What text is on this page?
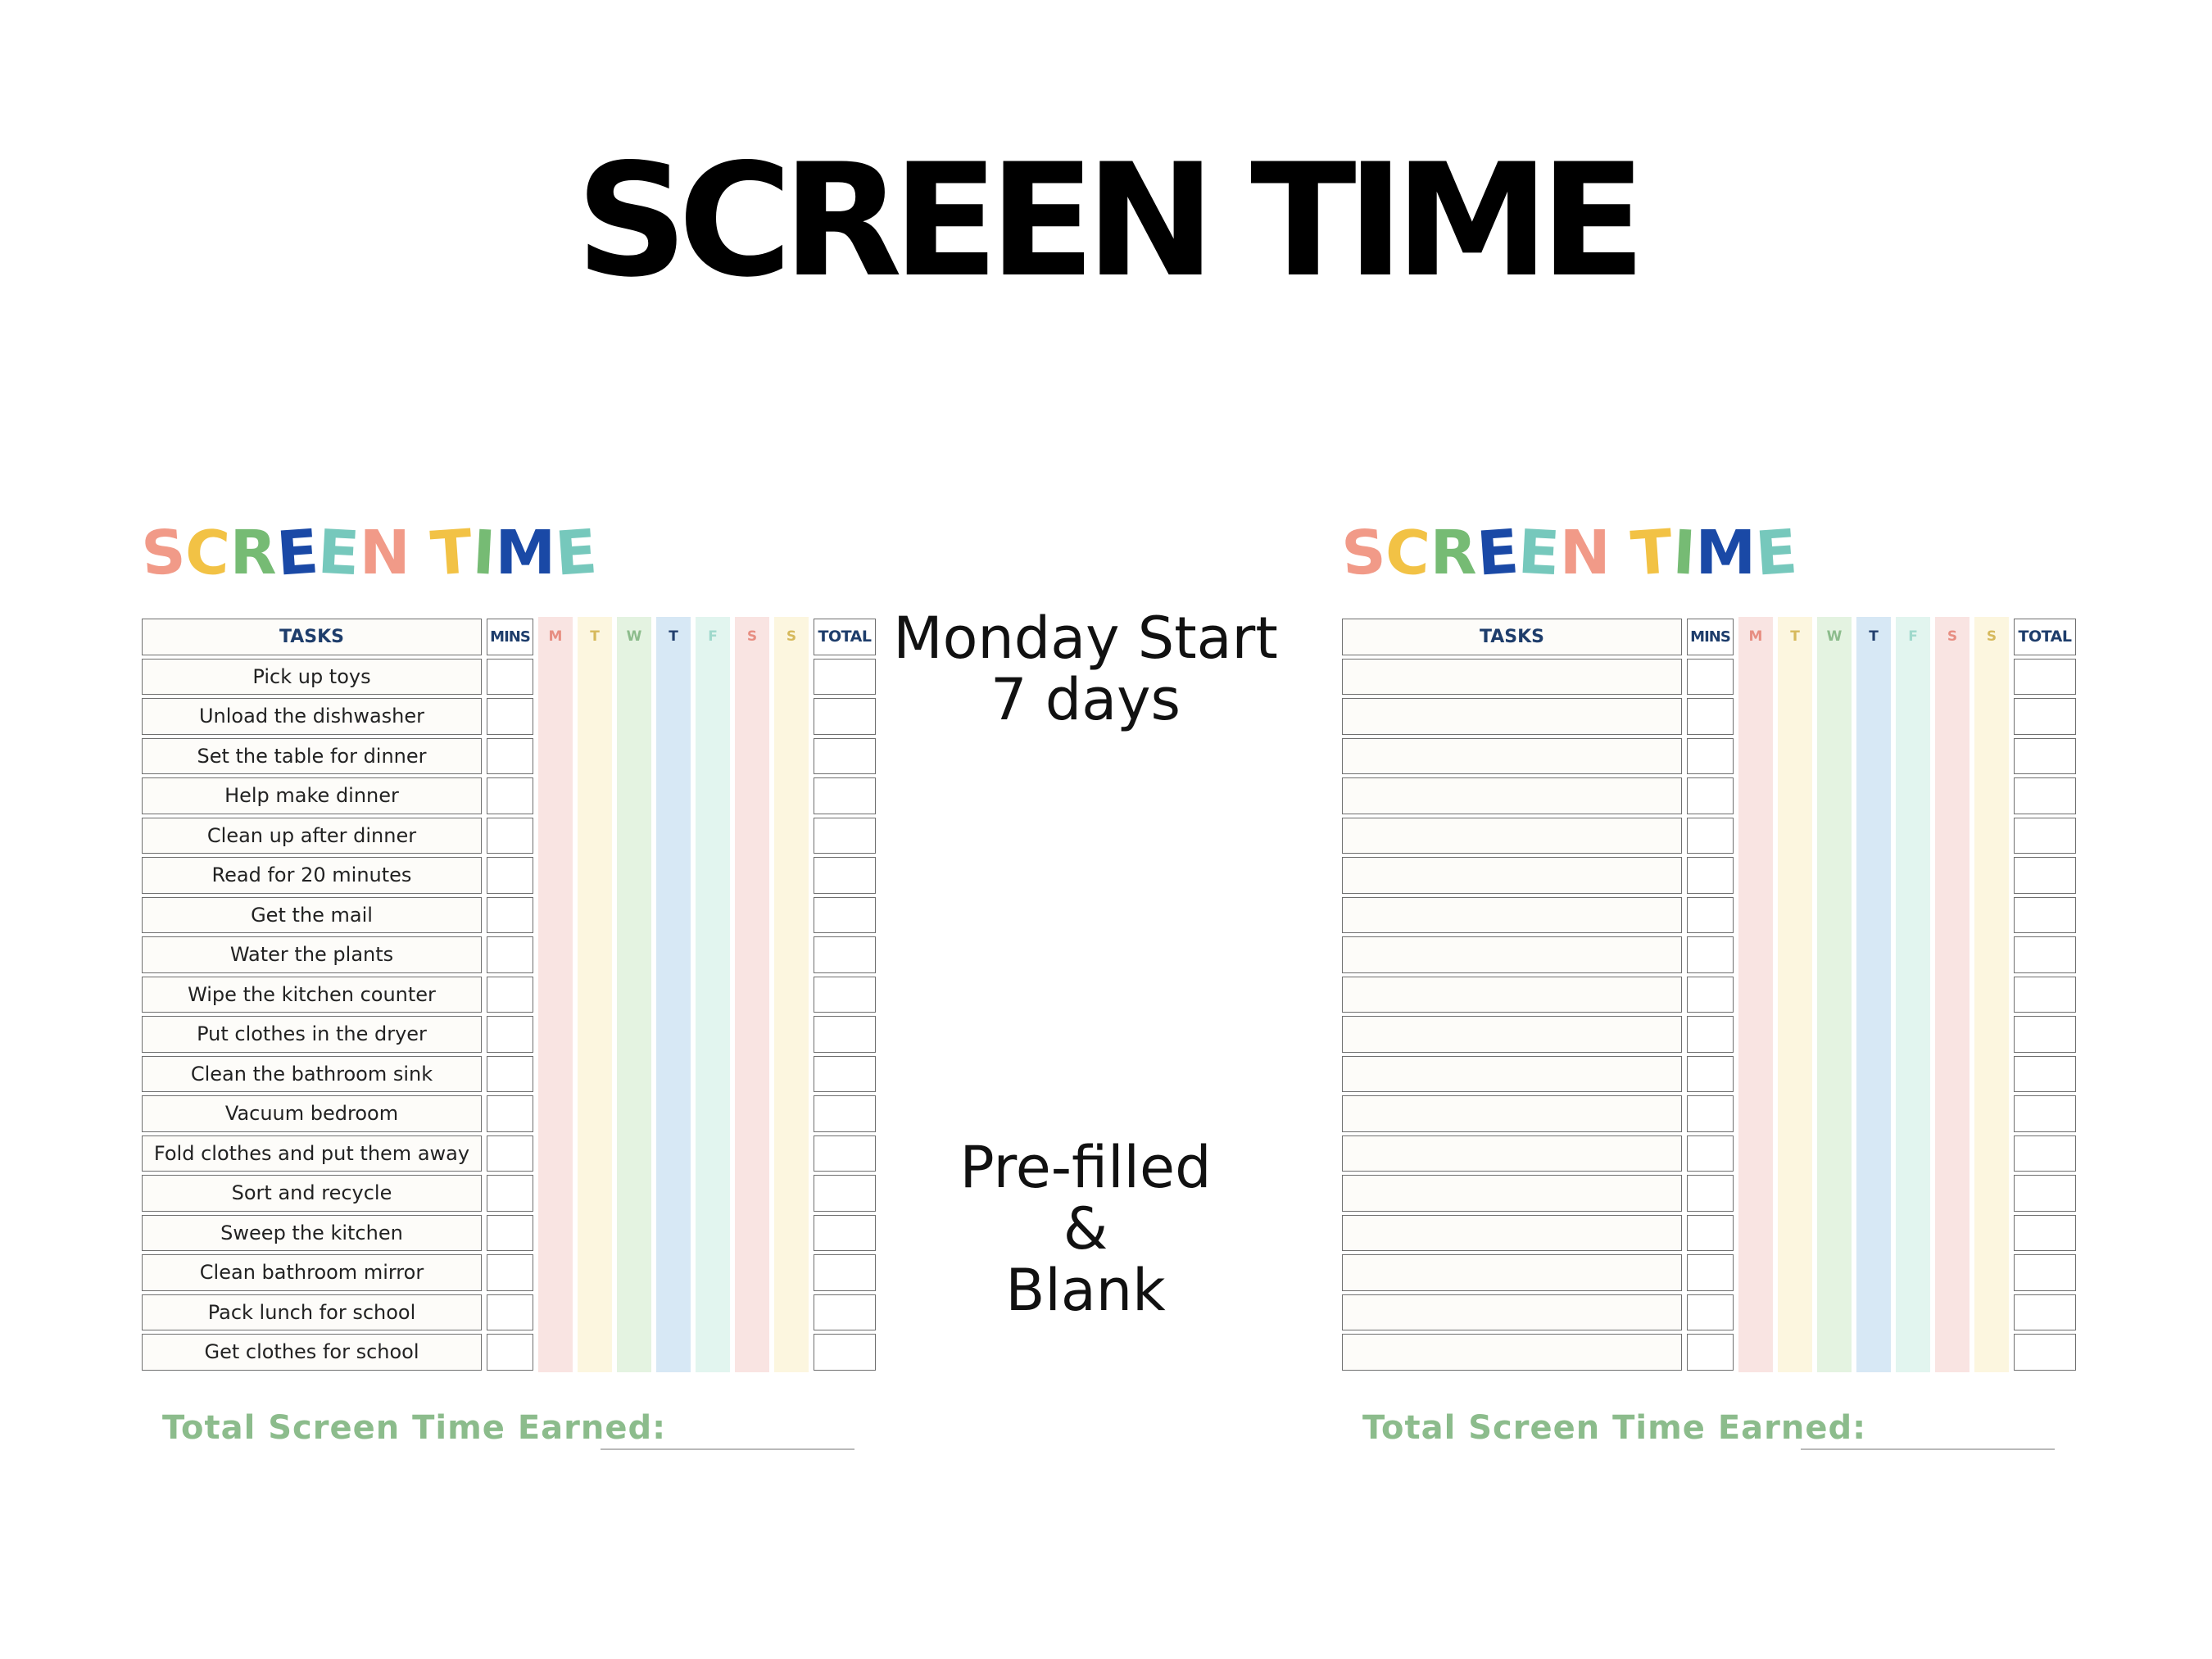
SCREEN TIME
SCREEN TIME
TASKS	MINS	M	T	W	T	F	S	S	TOTAL
Pick up toys
Unload the dishwasher
Set the table for dinner
Help make dinner
Clean up after dinner
Read for 20 minutes
Get the mail
Water the plants
Wipe the kitchen counter
Put clothes in the dryer
Clean the bathroom sink
Vacuum bedroom
Fold clothes and put them away
Sort and recycle
Sweep the kitchen
Clean bathroom mirror
Pack lunch for school
Get clothes for school
Total Screen Time Earned:
SCREEN TIME
TASKS	MINS	M	T	W	T	F	S	S	TOTAL
Total Screen Time Earned:
Monday Start
7 days
Pre-filled
&
Blank
